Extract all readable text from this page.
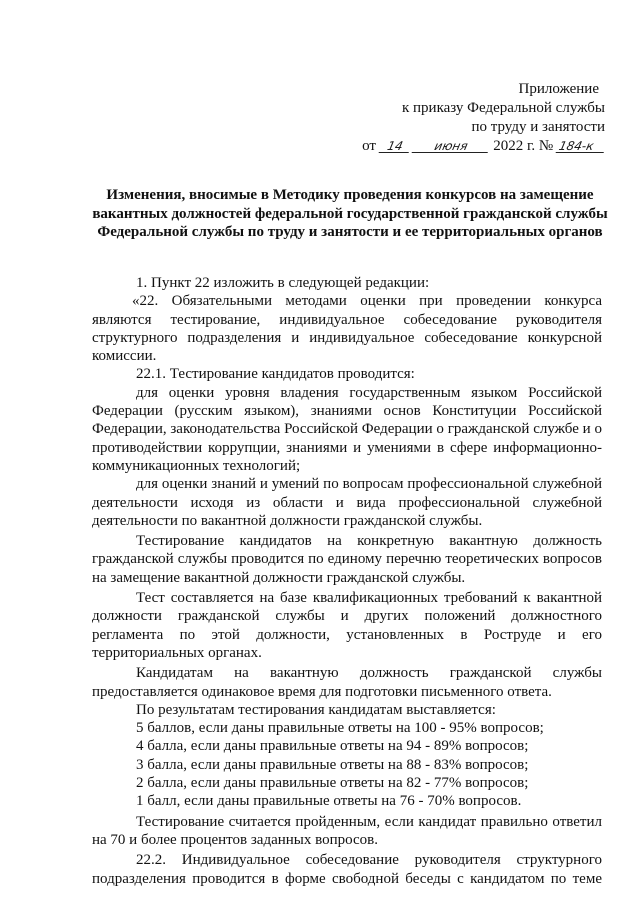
Приложение
к приказу Федеральной службы
по труду и занятости
от 14 июня 2022 г. № 184-к
Изменения, вносимые в Методику проведения конкурсов на замещение вакантных должностей федеральной государственной гражданской службы Федеральной службы по труду и занятости и ее территориальных органов

1. Пункт 22 изложить в следующей редакции:

«22. Обязательными методами оценки при проведении конкурса являются тестирование, индивидуальное собеседование руководителя структурного подразделения и индивидуальное собеседование конкурсной комиссии.

22.1. Тестирование кандидатов проводится:

для оценки уровня владения государственным языком Российской Федерации (русским языком), знаниями основ Конституции Российской Федерации, законодательства Российской Федерации о гражданской службе и о противодействии коррупции, знаниями и умениями в сфере информационно-коммуникационных технологий;

для оценки знаний и умений по вопросам профессиональной служебной деятельности исходя из области и вида профессиональной служебной деятельности по вакантной должности гражданской службы.

Тестирование кандидатов на конкретную вакантную должность гражданской службы проводится по единому перечню теоретических вопросов на замещение вакантной должности гражданской службы.

Тест составляется на базе квалификационных требований к вакантной должности гражданской службы и других положений должностного регламента по этой должности, установленных в Роструде и его территориальных органах.

Кандидатам на вакантную должность гражданской службы предоставляется одинаковое время для подготовки письменного ответа.

По результатам тестирования кандидатам выставляется:

5 баллов, если даны правильные ответы на 100 - 95% вопросов;

4 балла, если даны правильные ответы на 94 - 89% вопросов;

3 балла, если даны правильные ответы на 88 - 83% вопросов;

2 балла, если даны правильные ответы на 82 - 77% вопросов;

1 балл, если даны правильные ответы на 76 - 70% вопросов.

Тестирование считается пройденным, если кандидат правильно ответил на 70 и более процентов заданных вопросов.

22.2. Индивидуальное собеседование руководителя структурного подразделения проводится в форме свободной беседы с кандидатом по теме
